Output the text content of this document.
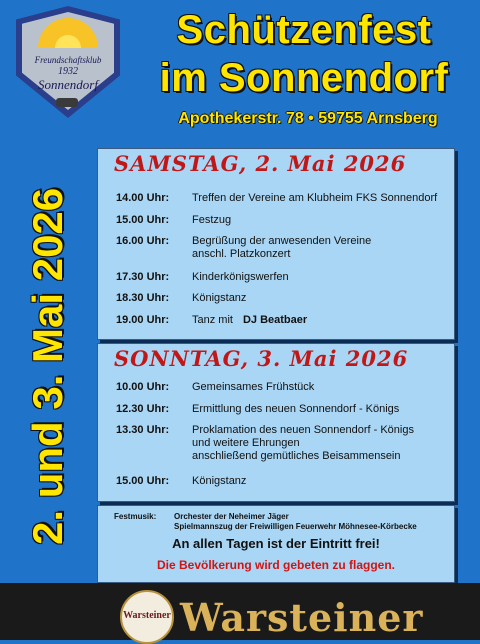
Freundschaftsklub
1932
Sonnendorf
Schützenfest
im Sonnendorf
Apothekerstr. 78 • 59755 Arnsberg
2. und 3. Mai 2026
SAMSTAG, 2. Mai 2026
14.00 Uhr:	Treffen der Vereine am Klubheim FKS Sonnendorf
15.00 Uhr:	Festzug
16.00 Uhr:	Begrüßung der anwesenden Vereine
anschl. Platzkonzert
17.30 Uhr:	Kinderkönigswerfen
18.30 Uhr:	Königstanz
19.00 Uhr:	Tanz mit DJ Beatbaer
SONNTAG, 3. Mai 2026
10.00 Uhr:	Gemeinsames Frühstück
12.30 Uhr:	Ermittlung des neuen Sonnendorf - Königs
13.30 Uhr:	Proklamation des neuen Sonnendorf - Königs
und weitere Ehrungen
anschließend gemütliches Beisammensein
15.00 Uhr:	Königstanz
Festmusik: Orchester der Neheimer Jäger
Spielmannszug der Freiwilligen Feuerwehr Möhnesee-Körbecke
An allen Tagen ist der Eintritt frei!
Die Bevölkerung wird gebeten zu flaggen.
Warsteiner Warsteiner
